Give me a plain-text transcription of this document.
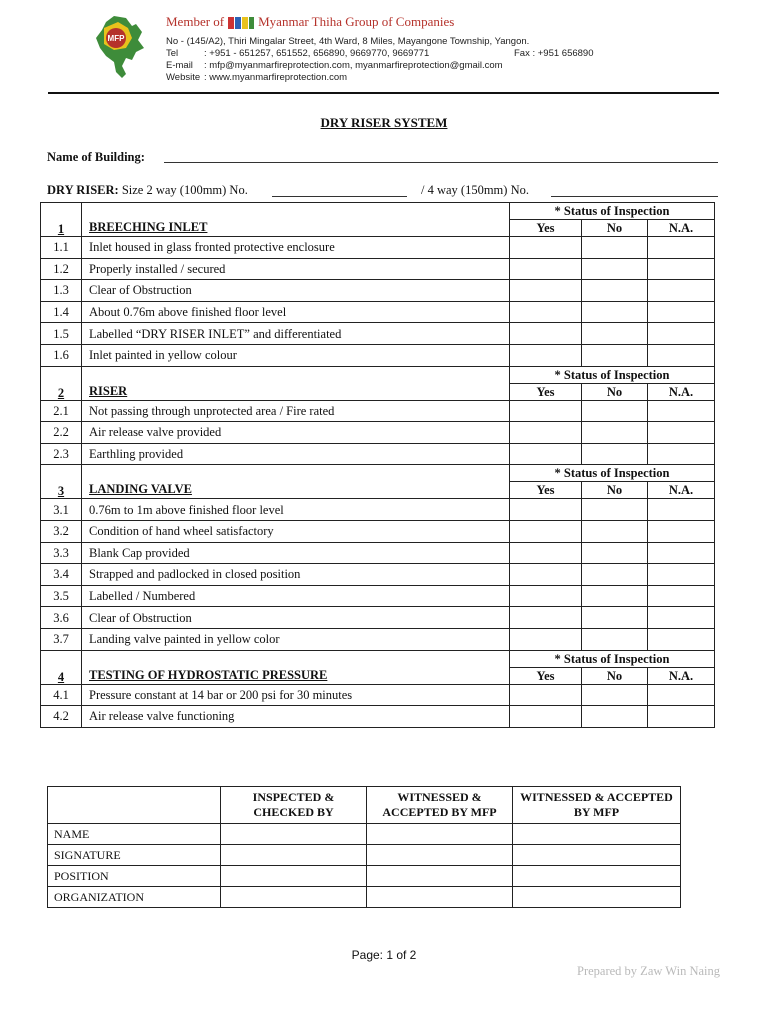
MFP
Member of	Myanmar Thiha Group of Companies
No - (145/A2), Thiri Mingalar Street, 4th Ward, 8 Miles, Mayangone Township, Yangon.
Tel	: +951 - 651257, 651552, 656890, 9669770, 9669771	Fax : +951 656890
E-mail : mfp@myanmarfireprotection.com, myanmarfireprotection@gmail.com
Website : www.myanmarfireprotection.com
DRY RISER SYSTEM
Name of Building:
DRY RISER: Size 2 way (100mm) No.	/ 4 way (150mm) No.
1	BREECHING INLET	* Status of Inspection		
		Yes	No	N.A.
1.1	Inlet housed in glass fronted protective enclosure			
1.2	Properly installed / secured			
1.3	Clear of Obstruction			
1.4	About 0.76m above finished floor level			
1.5	Labelled “DRY RISER INLET” and differentiated			
1.6	Inlet painted in yellow colour			
2	RISER	* Status of Inspection		
		Yes	No	N.A.
2.1	Not passing through unprotected area / Fire rated			
2.2	Air release valve provided			
2.3	Earthling provided			
3	LANDING VALVE	* Status of Inspection		
		Yes	No	N.A.
3.1	0.76m to 1m above finished floor level			
3.2	Condition of hand wheel satisfactory			
3.3	Blank Cap provided			
3.4	Strapped and padlocked in closed position			
3.5	Labelled / Numbered			
3.6	Clear of Obstruction			
3.7	Landing valve painted in yellow color			
4	TESTING OF HYDROSTATIC PRESSURE	* Status of Inspection		
		Yes	No	N.A.
4.1	Pressure constant at 14 bar or 200 psi for 30 minutes			
4.2	Air release valve functioning			
	INSPECTED & CHECKED BY	WITNESSED & ACCEPTED BY MFP	WITNESSED & ACCEPTED BY MFP
NAME			
SIGNATURE			
POSITION			
ORGANIZATION			
Page: 1 of 2
Prepared by Zaw Win Naing
